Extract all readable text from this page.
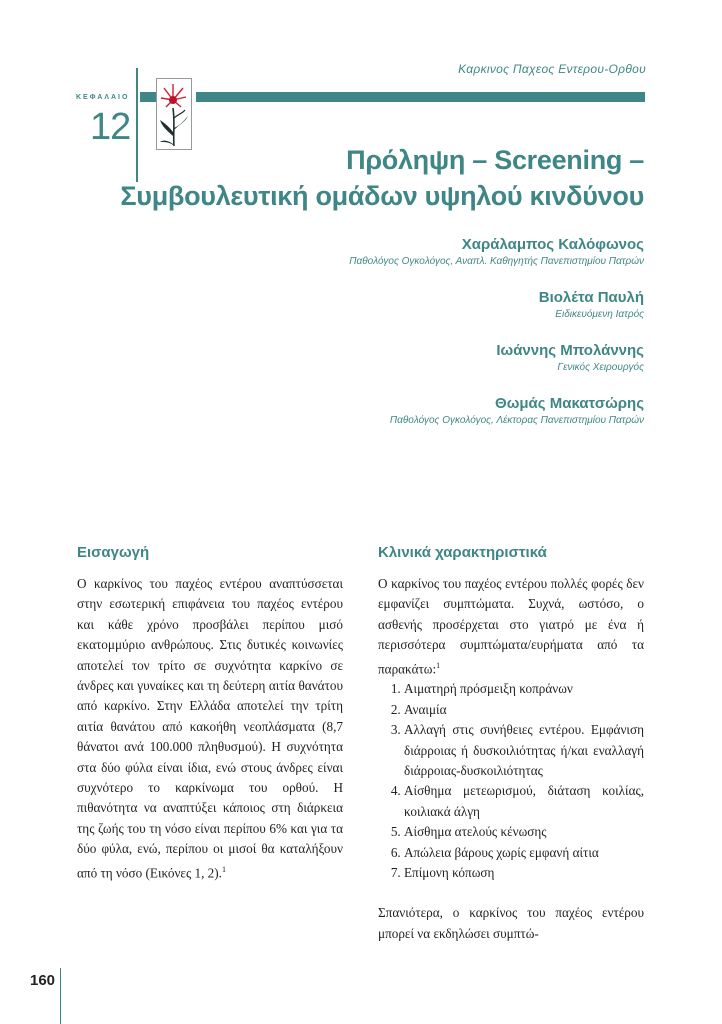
Καρκινος Παχεος Εντερου-Ορθου
ΚΕΦΑΛΑΙΟ
12
Πρόληψη – Screening –
Συμβουλευτική ομάδων υψηλού κινδύνου
Χαράλαμπος Καλόφωνος
Παθολόγος Ογκολόγος, Αναπλ. Καθηγητής Πανεπιστημίου Πατρών
Βιολέτα Παυλή
Ειδικευόμενη Ιατρός
Ιωάννης Μπολάννης
Γενικός Χειρουργός
Θωμάς Μακατσώρης
Παθολόγος Ογκολόγος, Λέκτορας Πανεπιστημίου Πατρών
Εισαγωγή
Ο καρκίνος του παχέος εντέρου αναπτύσσεται στην εσωτερική επιφάνεια του παχέος εντέρου και κάθε χρόνο προσβάλει περίπου μισό εκατομμύριο ανθρώπους. Στις δυτικές κοινωνίες αποτελεί τον τρίτο σε συχνότητα καρκίνο σε άνδρες και γυναίκες και τη δεύτερη αιτία θανάτου από καρκίνο. Στην Ελλάδα αποτελεί την τρίτη αιτία θανάτου από κακοήθη νεοπλάσματα (8,7 θάνατοι ανά 100.000 πληθυσμού). Η συχνότητα στα δύο φύλα είναι ίδια, ενώ στους άνδρες είναι συχνότερο το καρκίνωμα του ορθού. Η πιθανότητα να αναπτύξει κάποιος στη διάρκεια της ζωής του τη νόσο είναι περίπου 6% και για τα δύο φύλα, ενώ, περίπου οι μισοί θα καταλήξουν από τη νόσο (Εικόνες 1, 2).$^1$
Κλινικά χαρακτηριστικά
Ο καρκίνος του παχέος εντέρου πολλές φορές δεν εμφανίζει συμπτώματα. Συχνά, ωστόσο, ο ασθενής προσέρχεται στο γιατρό με ένα ή περισσότερα συμπτώματα/ευρήματα από τα παρακάτω:$^1$
1. Αιματηρή πρόσμειξη κοπράνων
2. Αναιμία
3. Αλλαγή στις συνήθειες εντέρου. Εμφάνιση διάρροιας ή δυσκοιλιότητας ή/και εναλλαγή διάρροιας-δυσκοιλιότητας
4. Αίσθημα μετεωρισμού, διάταση κοιλίας, κοιλιακά άλγη
5. Αίσθημα ατελούς κένωσης
6. Απώλεια βάρους χωρίς εμφανή αίτια
7. Επίμονη κόπωση
Σπανιότερα, ο καρκίνος του παχέος εντέρου μπορεί να εκδηλώσει συμπτώ-
160
